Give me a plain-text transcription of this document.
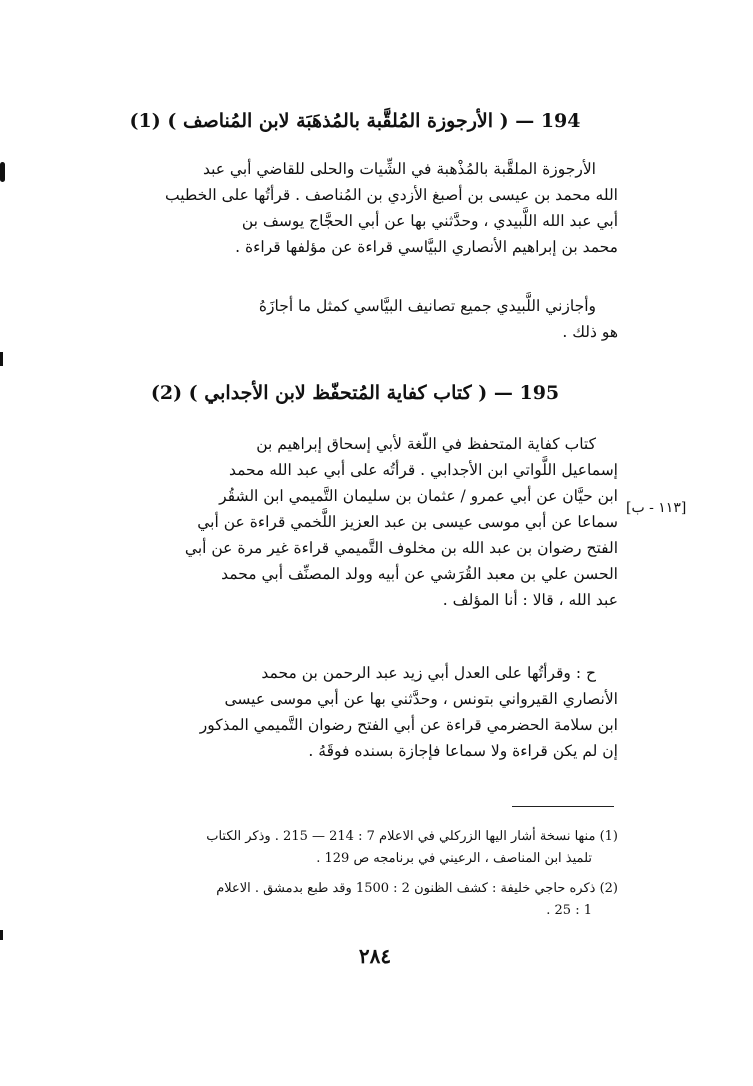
194 — ( الأرجوزة المُلقَّبة بالمُذهَبَة لابن المُناصف ) (1)

الأرجوزة الملقَّبة بالمُذْهبة في الشِّيات والحلى للقاضي أبي عبد

الله محمد بن عيسى بن أصبغ الأزدي بن المُناصف . قرأتُها على الخطيب

أبي عبد الله اللَّبيدي ، وحدَّثني بها عن أبي الحجَّاج يوسف بن

محمد بن إبراهيم الأنصاري البيَّاسي قراءة عن مؤلفها قراءة .

وأجازني اللَّبيدي جميع تصانيف البيَّاسي كمثل ما أجازَهُ

هو ذلك .

195 — ( كتاب كفاية المُتحفّظ لابن الأجدابي ) (2)

كتاب كفاية المتحفظ في اللّغة لأبي إسحاق إبراهيم بن

إسماعيل اللَّواتي ابن الأجدابي . قرأتُه على أبي عبد الله محمد

ابن حيَّان عن أبي عمرو / عثمان بن سليمان التَّميمي ابن الشقُر

سماعا عن أبي موسى عيسى بن عبد العزيز اللَّخمي قراءة عن أبي

الفتح رضوان بن عبد الله بن مخلوف التَّميمي قراءة غير مرة عن أبي

الحسن علي بن معبد القُرَشي عن أبيه وولد المصنِّف أبي محمد

عبد الله ، قالا : أنا المؤلف .

[١١٣ - ب]

ح : وقرأتُها على العدل أبي زيد عبد الرحمن بن محمد

الأنصاري القيرواني بتونس ، وحدَّثني بها عن أبي موسى عيسى

ابن سلامة الحضرمي قراءة عن أبي الفتح رضوان التَّميمي المذكور

إن لم يكن قراءة ولا سماعا فإجازة بسنده فوقَهُ .

(1) منها نسخة أشار اليها الزركلي في الاعلام 7 : 214 — 215 . وذكر الكتاب

تلميذ ابن المناصف ، الرعيني في برنامجه ص 129 .

(2) ذكره حاجي خليفة : كشف الظنون 2 : 1500 وقد طبع بدمشق . الاعلام

1 : 25 .

٢٨٤
